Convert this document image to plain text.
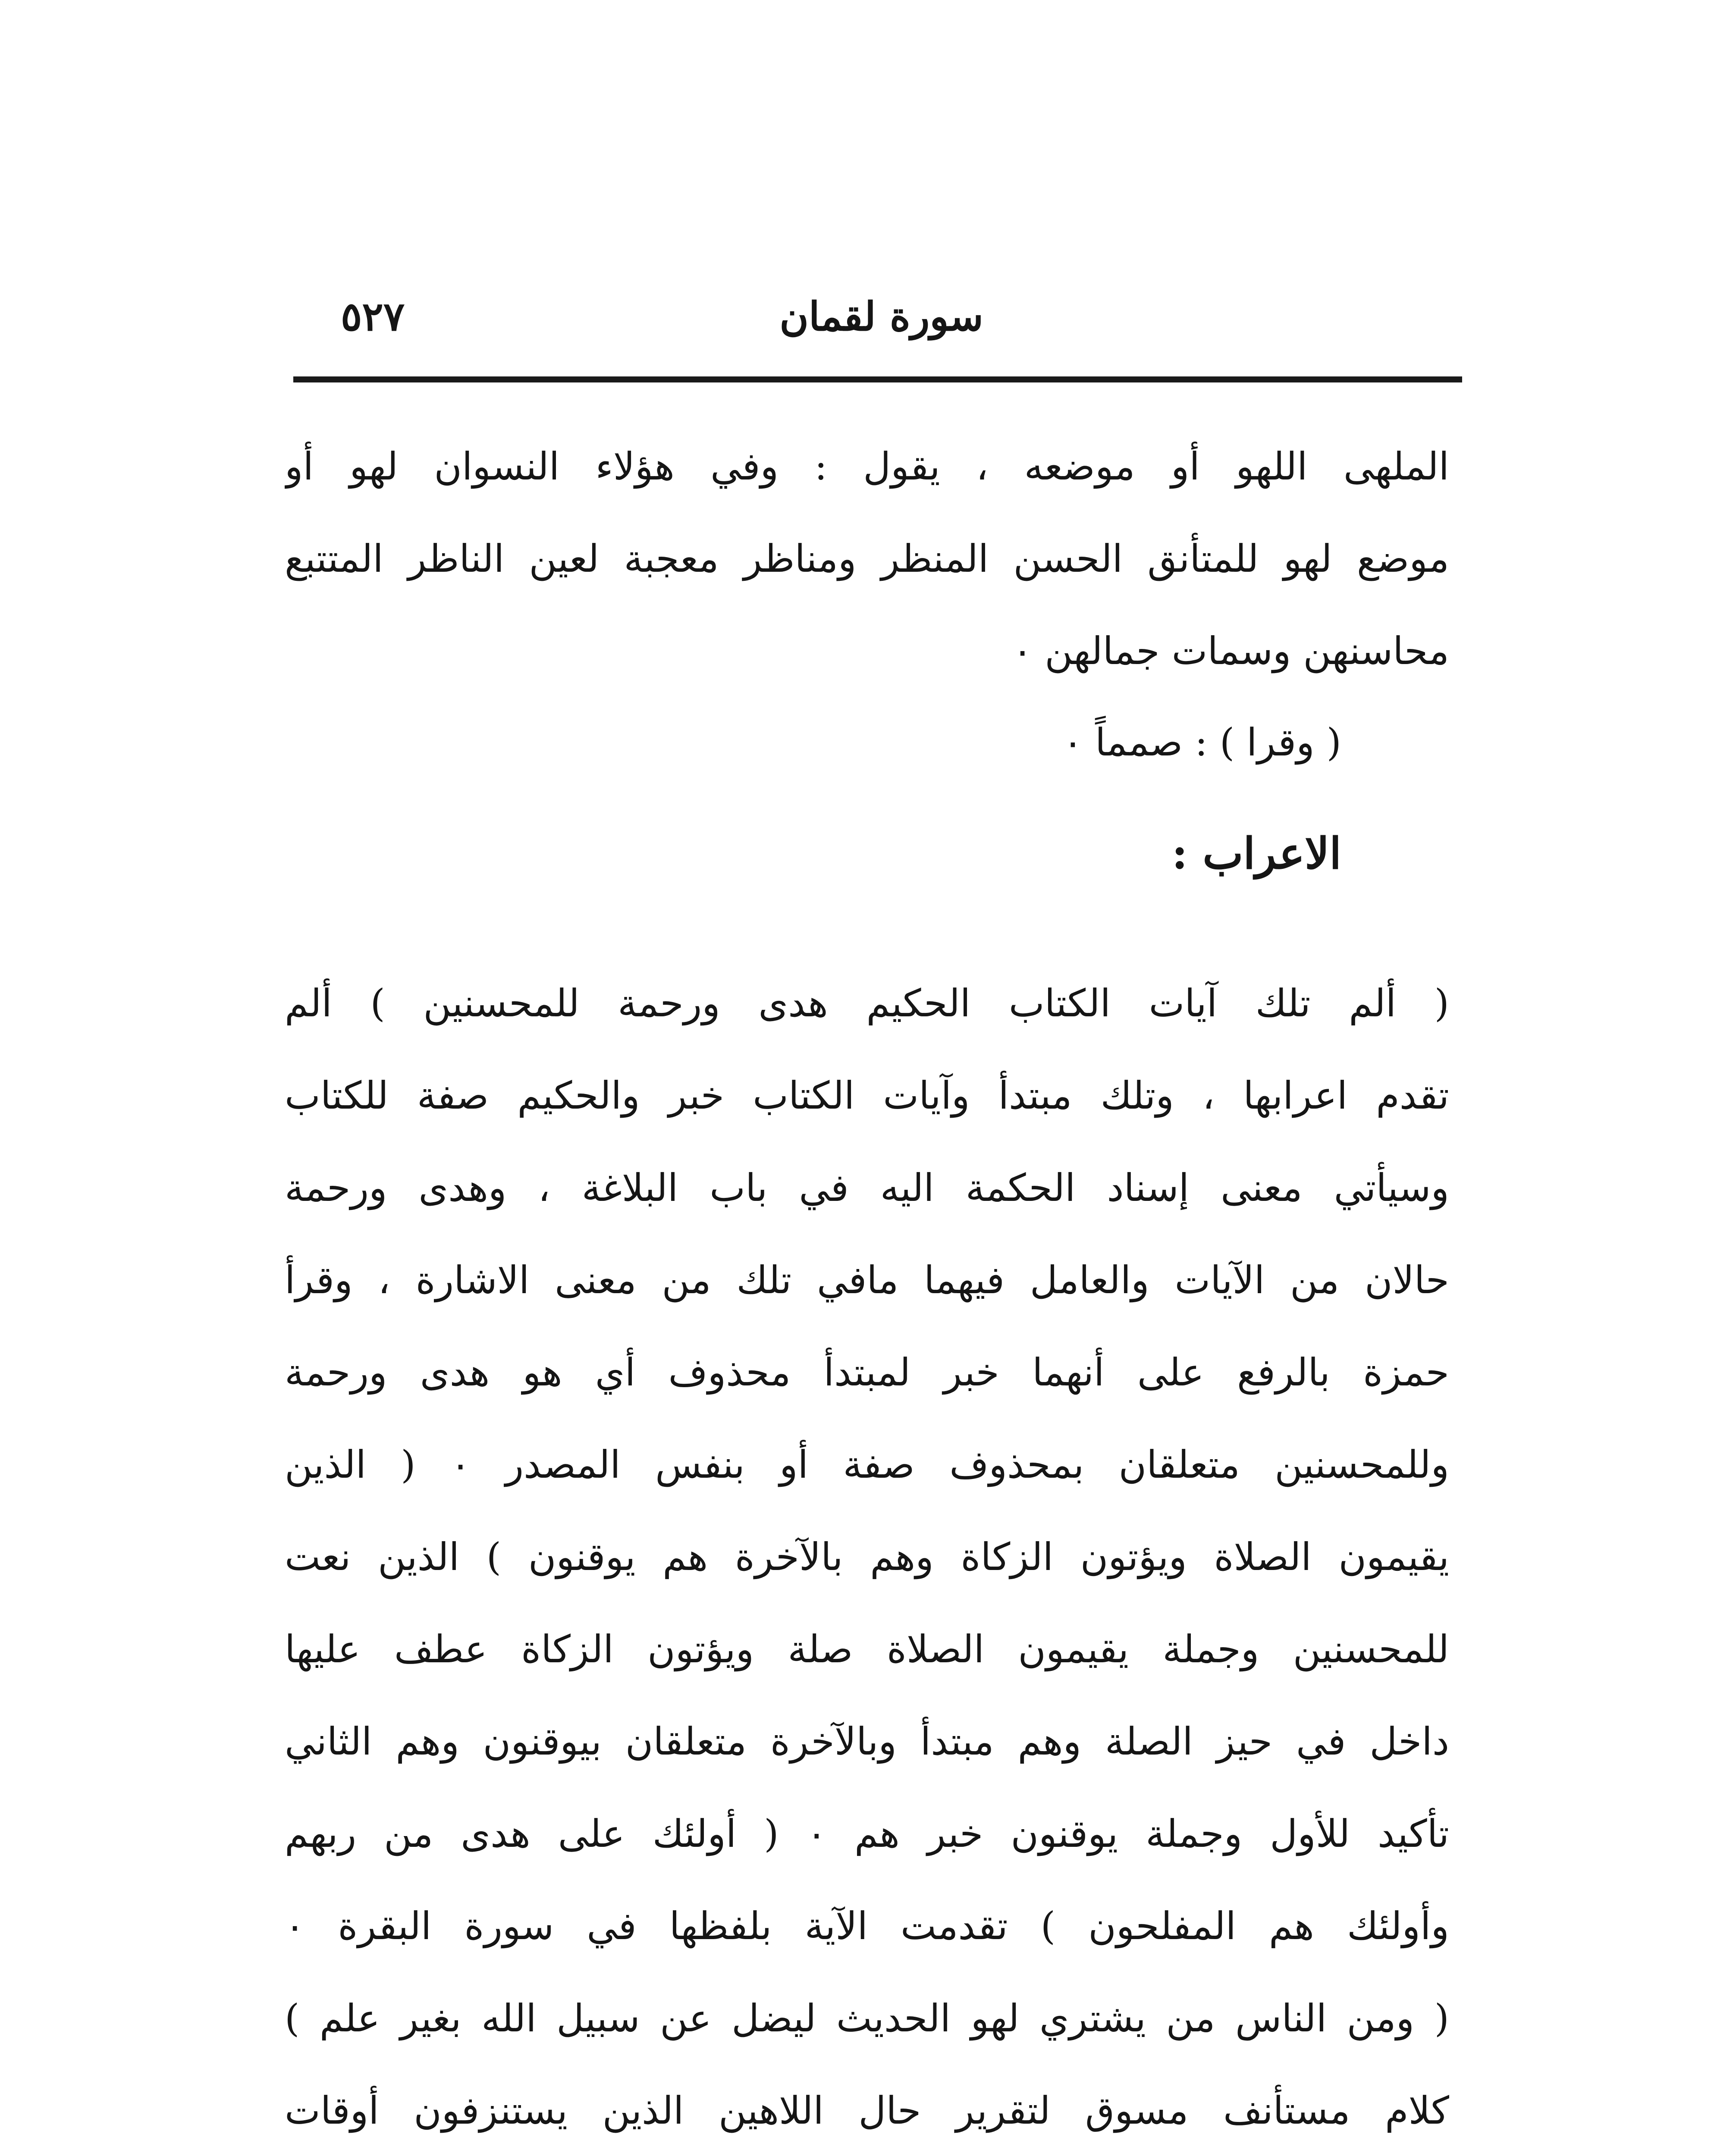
سورة لقمان
٥٢٧
الملهى اللهو أو موضعه ، يقول : وفي هؤلاء النسوان لهو أو
موضع لهو للمتأنق الحسن المنظر ومناظر معجبة لعين الناظر المتتبع
محاسنهن وسمات جمالهن ٠
( وقرا ) : صمماً ٠
الاعراب :
( ألم تلك آيات الكتاب الحكيم هدى ورحمة للمحسنين ) ألم
تقدم اعرابها ، وتلك مبتدأ وآيات الكتاب خبر والحكيم صفة للكتاب
وسيأتي معنى إسناد الحكمة اليه في باب البلاغة ، وهدى ورحمة
حالان من الآيات والعامل فيهما مافي تلك من معنى الاشارة ، وقرأ
حمزة بالرفع على أنهما خبر لمبتدأ محذوف أي هو هدى ورحمة
وللمحسنين متعلقان بمحذوف صفة أو بنفس المصدر ٠ ( الذين
يقيمون الصلاة ويؤتون الزكاة وهم بالآخرة هم يوقنون ) الذين نعت
للمحسنين وجملة يقيمون الصلاة صلة ويؤتون الزكاة عطف عليها
داخل في حيز الصلة وهم مبتدأ وبالآخرة متعلقان بيوقنون وهم الثاني
تأكيد للأول وجملة يوقنون خبر هم ٠ ( أولئك على هدى من ربهم
وأولئك هم المفلحون ) تقدمت الآية بلفظها في سورة البقرة ٠
( ومن الناس من يشتري لهو الحديث ليضل عن سبيل الله بغير علم )
كلام مستأنف مسوق لتقرير حال اللاهين الذين يستنزفون أوقات
